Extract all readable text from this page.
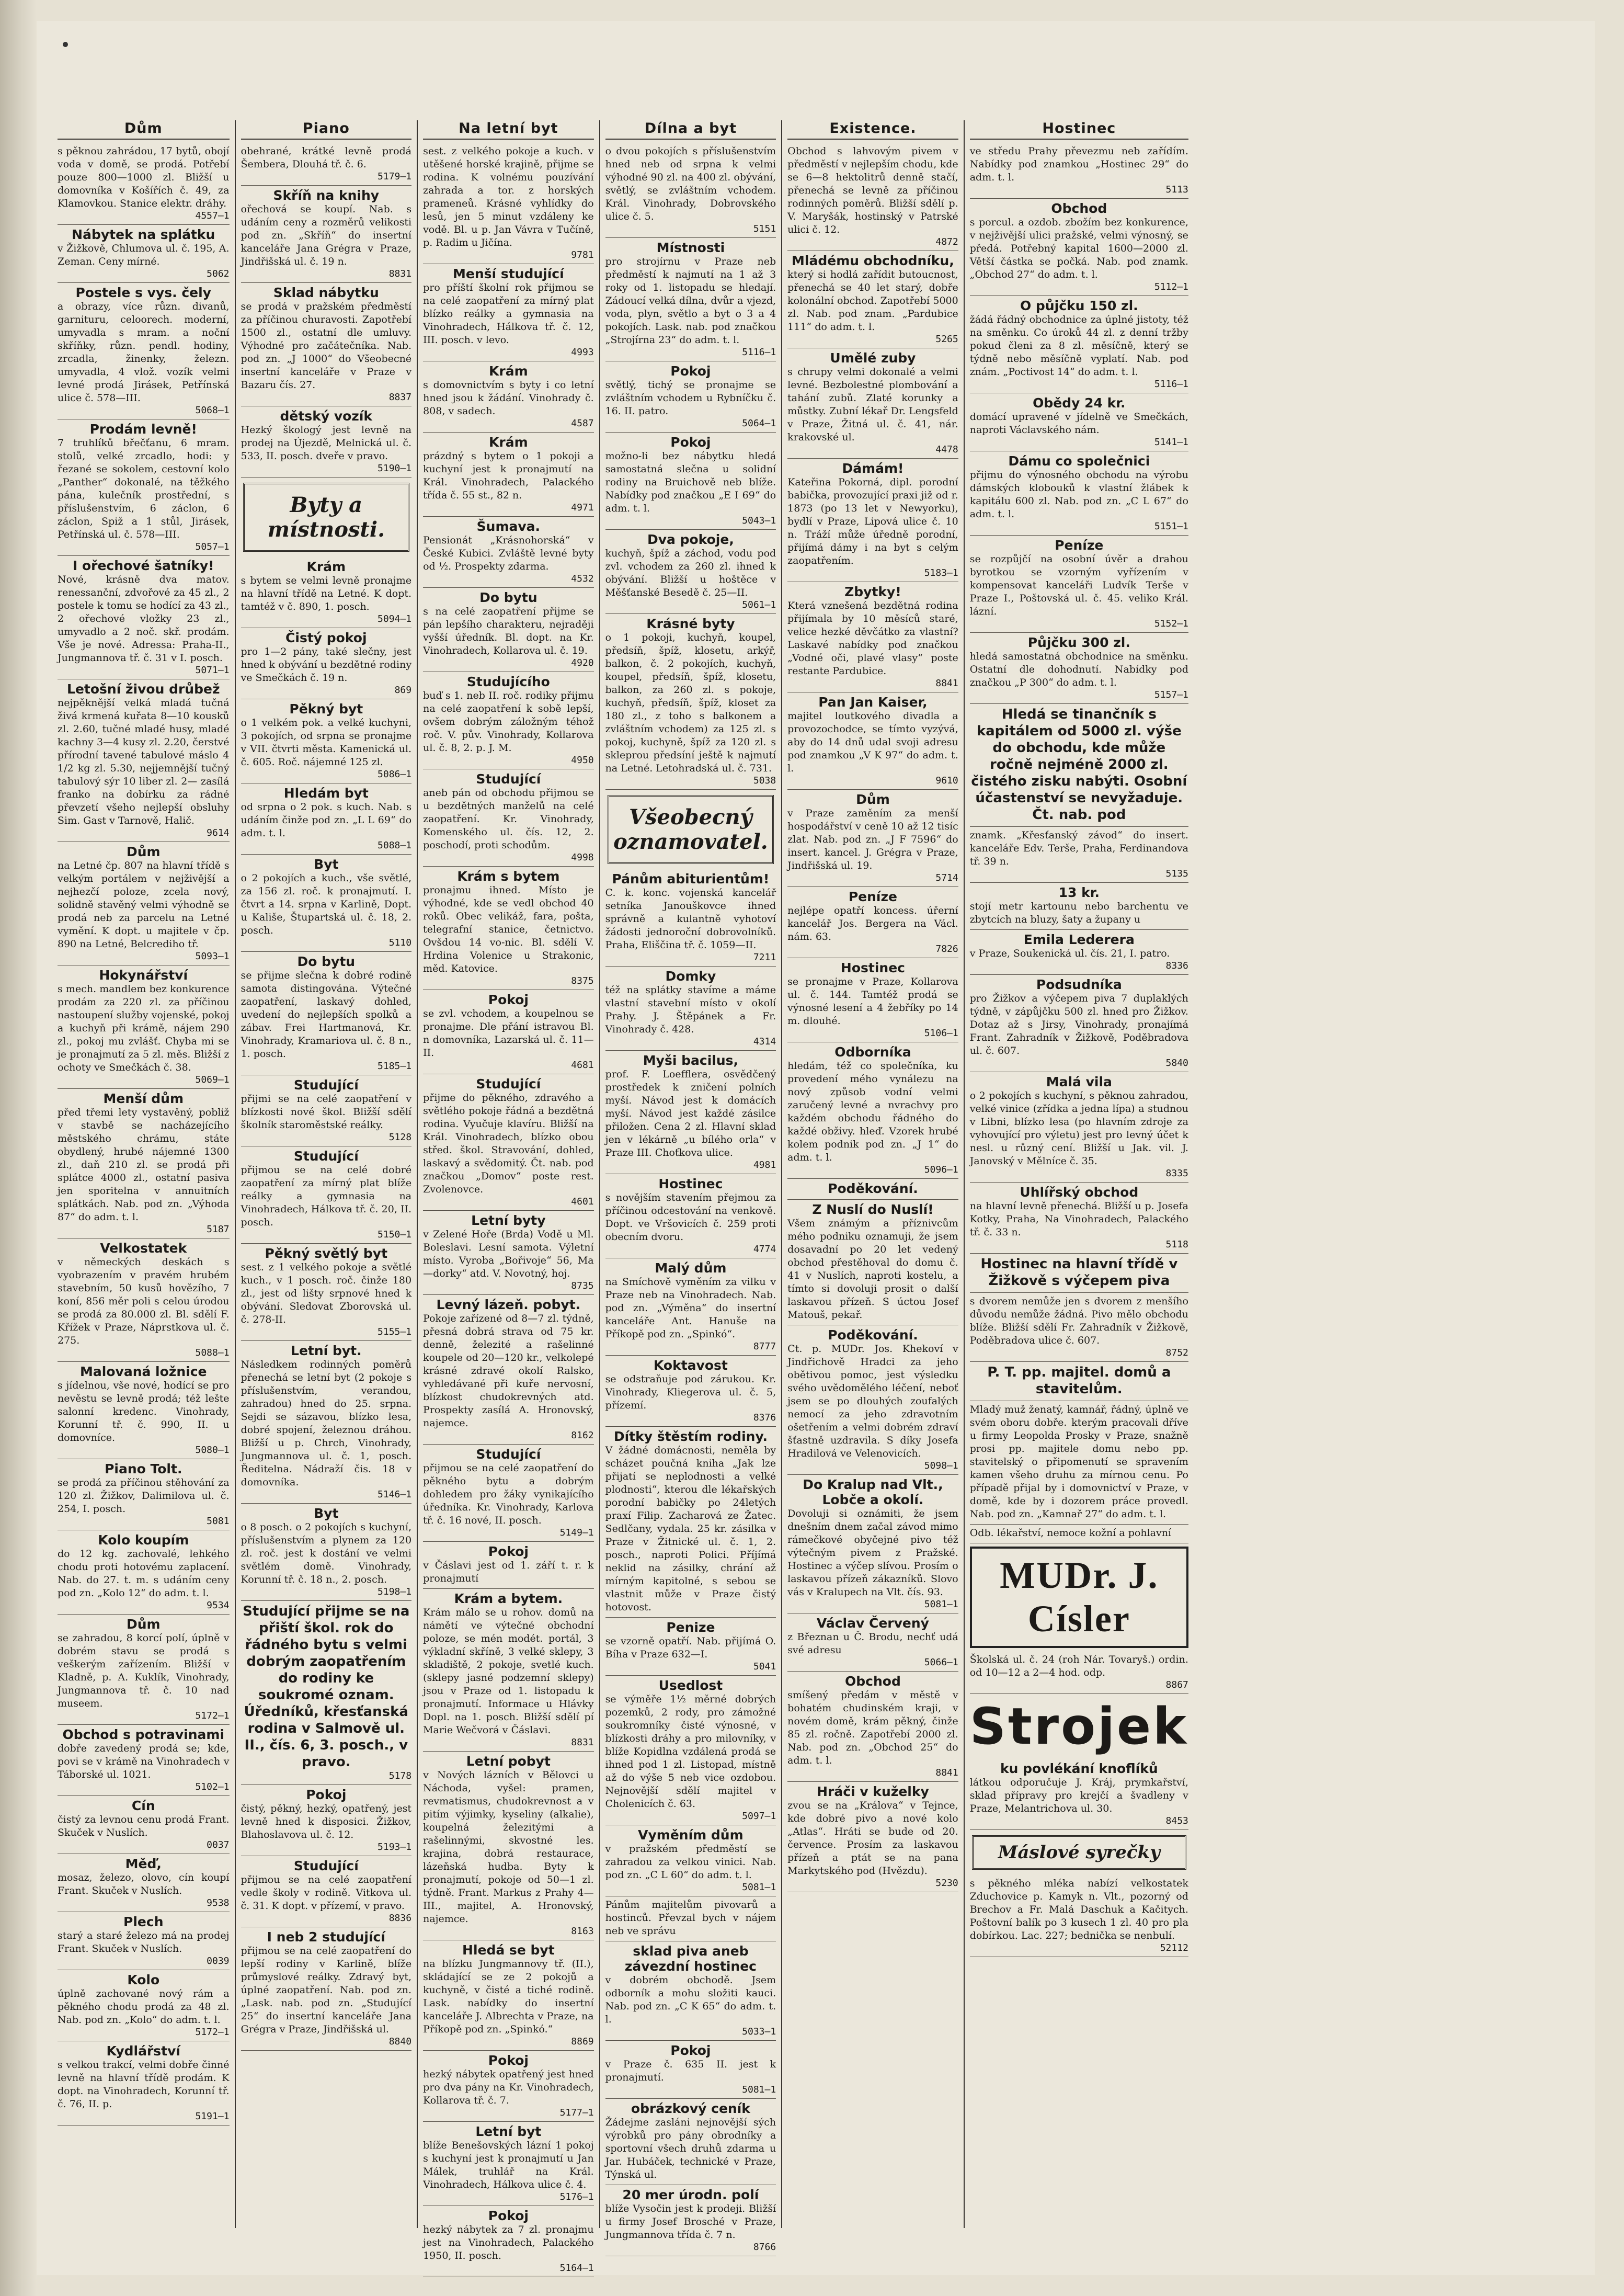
Dům
s pěknou zahrádou, 17 bytů, obojí voda v domě, se prodá. Potřebí pouze 800—1000 zl. Bližší u domovníka v Košířích č. 49, za Klamovkou. Stanice elektr. dráhy.
4557—1
Nábytek na splátku
v Žižkově, Chlumova ul. č. 195, A. Zeman. Ceny mírné.
5062
Postele s vys. čely
a obrazy, více různ. divanů, garnituru, celoorech. moderní, umyvadla s mram. a noční skříňky, různ. pendl. hodiny, zrcadla, žinenky, železn. umyvadla, 4 vlož. vozík velmi levné prodá Jirásek, Petřínská ulice č. 578—III.
5068—1
Prodám levně!
7 truhlíků břečťanu, 6 mram. stolů, velké zrcadlo, hodi: y řezané se sokolem, cestovní kolo „Panther“ dokonalé, na těžkého pána, kulečník prostřední, s příslušenstvím, 6 záclon, 6 záclon, Spiž a 1 stůl, Jirásek, Petřínská ul. č. 578—III.
5057—1
I ořechové šatníky!
Nové, krásně dva matov. renessanční, zdvořové za 45 zl., 2 postele k tomu se hodící za 43 zl., 2 ořechové vložky 23 zl., umyvadlo a 2 noč. skř. prodám. Vše je nové. Adressa: Praha-II., Jungmannova tř. č. 31 v I. posch.
5071—1
Letošní živou drůbež
nejpěknější velká mladá tučná živá krmená kuřata 8—10 kousků zl. 2.60, tučné mladé husy, mladé kachny 3—4 kusy zl. 2.20, čerstvé přírodní tavené tabulové máslo 4 1/2 kg zl. 5.30, nejjemnější tučný tabulový sýr 10 liber zl. 2— zasílá franko na dobírku za rádné převzetí všeho nejlepší obsluhy Sim. Gast v Tarnově, Halič.
9614
Dům
na Letné čp. 807 na hlavní třídě s velkým portálem v nejživější a nejhezčí poloze, zcela nový, solidně stavěný velmi výhodně se prodá neb za parcelu na Letné vymění. K dopt. u majitele v čp. 890 na Letné, Belcrediho tř.
5093—1
Hokynářství
s mech. mandlem bez konkurence prodám za 220 zl. za příčinou nastoupení služby vojenské, pokoj a kuchyň při krámě, nájem 290 zl., pokoj mu zvlášť. Chyba mi se je pronajmutí za 5 zl. měs. Bližší z ochoty ve Smečkách č. 38.
5069—1
Menší dům
před třemi lety vystavěný, pobliž v stavbě se nacházejícího městského chrámu, státe obydlený, hrubé nájemné 1300 zl., daň 210 zl. se prodá při splátce 4000 zl., ostatní pasiva jen sporitelna v annuitních splátkách. Nab. pod zn. „Výhoda 87“ do adm. t. l.
5187
Velkostatek
v německých deskách s vyobrazením v pravém hrubém stavebním, 50 kusů hovězího, 7 koní, 856 měr poli s celou úrodou se prodá za 80.000 zl. Bl. sdělí F. Křížek v Praze, Náprstkova ul. č. 275.
5088—1
Malovaná ložnice
s jídelnou, vše nové, hodící se pro nevěstu se levně prodá; též lešte salonní kredenc. Vinohrady, Korunní tř. č. 990, II. u domovníce.
5080—1
Piano Tolt.
se prodá za příčinou stěhování za 120 zl. Žižkov, Dalimilova ul. č. 254, I. posch.
5081
Kolo koupím
do 12 kg. zachovalé, lehkého chodu proti hotovému zaplacení. Nab. do 27. t. m. s udáním ceny pod zn. „Kolo 12“ do adm. t. l.
9534
Dům
se zahradou, 8 korcí polí, úplně v dobrém stavu se prodá s veškerým zařízením. Bližší v Kladně, p. A. Kuklík, Vinohrady, Jungmannova tř. č. 10 nad museem.
5172—1
Obchod s potravinami
dobře zavedený prodá se; kde, povi se v krámě na Vinohradech v Táborské ul. 1021.
5102—1
Cín
čistý za levnou cenu prodá Frant. Skuček v Nuslích.
0037
Měď,
mosaz, železo, olovo, cín koupí Frant. Skuček v Nuslích.
9538
Plech
starý a staré železo má na prodej Frant. Skuček v Nuslích.
0039
Kolo
úplně zachované nový rám a pěkného chodu prodá za 48 zl. Nab. pod zn. „Kolo“ do adm. t. l.
5172—1
Kydlářství
s velkou trakcí, velmi dobře činné levně na hlavní třídě prodám. K dopt. na Vinohradech, Korunní tř. č. 76, II. p.
5191—1
Piano
obehrané, krátké levně prodá Šembera, Dlouhá tř. č. 6.
5179—1
Skříň na knihy
ořechová se koupí. Nab. s udáním ceny a rozměrů velikosti pod zn. „Skříň“ do insertní kanceláře Jana Grégra v Praze, Jindřišská ul. č. 19 n.
8831
Sklad nábytku
se prodá v pražském předměstí za příčinou churavosti. Zapotřebí 1500 zl., ostatní dle umluvy. Výhodné pro začátečníka. Nab. pod zn. „J 1000“ do Všeobecné insertní kanceláře v Praze v Bazaru čís. 27.
8837
dětský vozík
Hezký škologý jest levně na prodej na Újezdě, Melnická ul. č. 533, II. posch. dveře v pravo.
5190—1
Byty a místnosti.
Krám
s bytem se velmi levně pronajme na hlavní třídě na Letné. K dopt. tamtéž v č. 890, 1. posch.
5094—1
Čistý pokoj
pro 1—2 pány, také slečny, jest hned k obývání u bezdětné rodiny ve Smečkách č. 19 n.
869
Pěkný byt
o 1 velkém pok. a velké kuchyni, 3 pokojích, od srpna se pronajme v VII. čtvrti města. Kamenická ul. č. 605. Roč. nájemné 125 zl.
5086—1
Hledám byt
od srpna o 2 pok. s kuch. Nab. s udáním činže pod zn. „L L 69“ do adm. t. l.
5088—1
Byt
o 2 pokojích a kuch., vše světlé, za 156 zl. roč. k pronajmutí. I. čtvrt a 14. srpna v Karlině, Dopt. u Kališe, Štupartská ul. č. 18, 2. posch.
5110
Do bytu
se přijme slečna k dobré rodině samota distingována. Výtečné zaopatření, laskavý dohled, uvedení do nejlepších spolků a zábav. Frei Hartmanová, Kr. Vinohrady, Kramariova ul. č. 8 n., 1. posch.
5185—1
Studující
přijmi se na celé zaopatření v blízkosti nové škol. Bližší sdělí školník staroměstské reálky.
5128
Studující
přijmou se na celé dobré zaopatření za mírný plat blíže reálky a gymnasia na Vinohradech, Hálkova tř. č. 20, II. posch.
5150—1
Pěkný světlý byt
sest. z 1 velkého pokoje a světlé kuch., v 1 posch. roč. činže 180 zl., jest od lišty srpnové hned k obývání. Sledovat Zborovská ul. č. 278-II.
5155—1
Letní byt.
Následkem rodinných poměrů přenechá se letní byt (2 pokoje s příslušenstvím, verandou, zahradou) hned do 25. srpna. Sejdi se sázavou, blízko lesa, dobré spojení, železnou dráhou. Bližší u p. Chrch, Vinohrady, Jungmannova ul. č. 1, posch. Ředitelna. Nádraží čis. 18 v domovníka.
5146—1
Byt
o 8 posch. o 2 pokojích s kuchyní, příslušenstvím a plynem za 120 zl. roč. jest k dostání ve velmi světlém domě. Vinohrady, Korunní tř. č. 18 n., 2. posch.
5198—1
Studující přijme se na přiští škol. rok do řádného bytu s velmi dobrým zaopatřením do rodiny ke soukromé oznam. Úředníků, křesťanská rodina v Salmově ul. II., čís. 6, 3. posch., v pravo.
5178
Pokoj
čistý, pěkný, hezký, opatřený, jest levně hned k disposici. Žižkov, Blahoslavova ul. č. 12.
5193—1
Studující
přijmou se na celé zaopatření vedle školy v rodině. Vitkova ul. č. 31. K dopt. v přízemí, v pravo.
8836
I neb 2 studující
přijmou se na celé zaopatření do lepší rodiny v Karlině, blíže průmyslové reálky. Zdravý byt, úplné zaopatření. Nab. pod zn. „Lask. nab. pod zn. „Studující 25“ do insertní kanceláře Jana Grégra v Praze, Jindřišská ul.
8840
Na letní byt
sest. z velkého pokoje a kuch. v utěšené horské krajině, přijme se rodina. K volnému pouzívání zahrada a tor. z horských prameneů. Krásné vyhlídky do lesů, jen 5 minut vzdáleny ke vodě. Bl. u p. Jan Vávra v Tučíně, p. Radim u Jičína.
9781
Menší studující
pro příští školní rok přijmou se na celé zaopatření za mírný plat blízko reálky a gymnasia na Vinohradech, Hálkova tř. č. 12, III. posch. v levo.
4993
Krám
s domovnictvím s byty i co letní hned jsou k žádání. Vinohrady č. 808, v sadech.
4587
Krám
prázdný s bytem o 1 pokoji a kuchyní jest k pronajmutí na Král. Vinohradech, Palackého třída č. 55 st., 82 n.
4971
Šumava.
Pensionát „Krásnohorská“ v České Kubici. Zvláště levné byty od ½. Prospekty zdarma.
4532
Do bytu
s na celé zaopatření přijme se pán lepšího charakteru, nejraději vyšší úředník. Bl. dopt. na Kr. Vinohradech, Kollarova ul. č. 19.
4920
Studujícího
buď s 1. neb II. roč. rodiky přijmu na celé zaopatření k sobě lepší, ovšem dobrým záložným téhož roč. V. pův. Vinohrady, Kollarova ul. č. 8, 2. p. J. M.
4950
Studující
aneb pán od obchodu přijmou se u bezdětných manželů na celé zaopatření. Kr. Vinohrady, Komenského ul. čís. 12, 2. poschodí, proti schodům.
4998
Krám s bytem
pronajmu ihned. Místo je výhodné, kde se vedl obchod 40 roků. Obec velikáž, fara, pošta, telegrafní stanice, četnictvo. Ovšdou 14 vo-nic. Bl. sdělí V. Hrdina Volenice u Strakonic, měd. Katovice.
8375
Pokoj
se zvl. vchodem, a koupelnou se pronajme. Dle přání istravou Bl. n domovníka, Lazarská ul. č. 11—II.
4681
Studující
přijme do pěkného, zdravého a světlého pokoje řádná a bezdětná rodina. Vyučuje klavíru. Bližší na Král. Vinohradech, blízko obou střed. škol. Stravování, dohled, laskavý a svědomitý. Čt. nab. pod značkou „Domov“ poste rest. Zvolenovce.
4601
Letní byty
v Zelené Hoře (Brda) Vodě u Ml. Boleslavi. Lesní samota. Výletní místo. Vyroba „Bořivoje“ 56, Ma—dorky“ atd. V. Novotný, hoj.
8735
Levný lázeň. pobyt.
Pokoje zařízené od 8—7 zl. týdně, přesná dobrá strava od 75 kr. denně, železité a rašelinné koupele od 20—120 kr., velkolepé krásné zdravé okolí Ralsko, vyhledávané při kuře nervosní, blízkost chudokrevných atd. Prospekty zasílá A. Hronovský, najemce.
8162
Studující
přijmou se na celé zaopatření do pěkného bytu a dobrým dohledem pro žáky vynikajícího úředníka. Kr. Vinohrady, Karlova tř. č. 16 nové, II. posch.
5149—1
Pokoj
v Čáslavi jest od 1. září t. r. k pronajmutí
Krám a bytem.
Krám málo se u rohov. domů na námětí ve výtečné obchodní poloze, se mén modét. portál, 3 výkladní skříně, 3 velké sklepy, 3 skladiště, 2 pokoje, svetlé kuch. (sklepy jasné podzemní sklepy) jsou v Praze od 1. listopadu k pronajmutí. Informace u Hlávky Dopl. na 1. posch. Bližší sdělí pí Marie Wečvorá v Čáslavi.
8831
Letní pobyt
v Nových lázních v Bělovci u Náchoda, vyšel: pramen, revmatismus, chudokrevnost a v pitím výjimky, kyseliny (alkalie), koupelná železitými a rašelinnými, skvostné les. krajina, dobrá restaurace, lázeňská hudba. Byty k pronajmutí, pokoje od 50—1 zl. týdně. Frant. Markus z Prahy 4—III., majitel, A. Hronovský, najemce.
8163
Hledá se byt
na blízku Jungmannovy tř. (II.), skládající se ze 2 pokojů a kuchyně, v čisté a tiché rodině. Lask. nabídky do insertní kanceláře J. Albrechta v Praze, na Příkopě pod zn. „Spinkó.“
8869
Pokoj
hezký nábytek opatřený jest hned pro dva pány na Kr. Vinohradech, Kollarova tř. č. 7.
5177—1
Letní byt
blíže Benešovských lázní 1 pokoj s kuchyní jest k pronajmutí u Jan Málek, truhlář na Král. Vinohradech, Hálkova ulice č. 4.
5176—1
Pokoj
hezký nábytek za 7 zl. pronajmu jest na Vinohradech, Palackého 1950, II. posch.
5164—1
Dílna a byt
o dvou pokojích s příslušenstvím hned neb od srpna k velmi výhodné 90 zl. na 400 zl. obývání, světlý, se zvláštním vchodem. Král. Vinohrady, Dobrovského ulice č. 5.
5151
Místnosti
pro strojírnu v Praze neb předměstí k najmutí na 1 až 3 roky od 1. listopadu se hledají. Zádoucí velká dílna, dvůr a vjezd, voda, plyn, světlo a byt o 3 a 4 pokojích. Lask. nab. pod značkou „Strojírna 23“ do adm. t. l.
5116—1
Pokoj
světlý, tichý se pronajme se zvláštním vchodem u Rybníčku č. 16. II. patro.
5064—1
Pokoj
možno-li bez nábytku hledá samostatná slečna u solidní rodiny na Bruichově neb blíže. Nabídky pod značkou „E I 69“ do adm. t. l.
5043—1
Dva pokoje,
kuchyň, špíž a záchod, vodu pod zvl. vchodem za 260 zl. ihned k obývání. Bližší u hoštěce v Měšťanské Besedě č. 25—II.
5061—1
Krásné byty
o 1 pokoji, kuchyň, koupel, předsíň, špíž, klosetu, arkýř, balkon, č. 2 pokojích, kuchyň, koupel, předsíň, špíž, klosetu, balkon, za 260 zl. s pokoje, kuchyň, předsíň, špíž, kloset za 180 zl., z toho s balkonem a zvláštním vchodem) za 125 zl. s pokoj, kuchyně, špíž za 120 zl. s skleprou předsíní ještě k najmutí na Letné. Letohradská ul. č. 731.
5038
Všeobecný oznamovatel.
Pánům abiturientům!
C. k. konc. vojenská kancelář setníka Janouškovce ihned správně a kulantně vyhotoví žádosti jednoroční dobrovolníků. Praha, Eliščina tř. č. 1059—II.
7211
Domky
též na splátky stavíme a máme vlastní stavební místo v okolí Prahy. J. Štěpánek a Fr. Vinohrady č. 428.
4314
Myši bacilus,
prof. F. Loefflera, osvědčený prostředek k zničení polních myší. Návod jest k domácích myší. Návod jest každé zásilce přiložen. Cena 2 zl. Hlavní sklad jen v lékárně „u bílého orla“ v Praze III. Choťkova ulice.
4981
Hostinec
s novějším stavením přejmou za příčinou odcestování na venkově. Dopt. ve Vršovicích č. 259 proti obecním dvoru.
4774
Malý dům
na Smíchově vyměním za vilku v Praze neb na Vinohradech. Nab. pod zn. „Výměna“ do insertní kanceláře Ant. Hanuše na Příkopě pod zn. „Spinkó“.
8777
Koktavost
se odstraňuje pod zárukou. Kr. Vinohrady, Kliegerova ul. č. 5, přízemí.
8376
Dítky štěstím rodiny.
V žádné domácnosti, neměla by scházet poučná kniha „Jak lze přijatí se neplodnosti a velké plodnosti“, kterou dle lékařských porodní babičky po 24letých praxí Filip. Zacharová ze Žatec. Sedlčany, vydala. 25 kr. zásilka v Praze v Žitnické ul. č. 1, 2. posch., naproti Polici. Příjímá neklid na zásilky, chrání až mírným kapitolné, s sebou se vlastnit může v Praze čistý hotovost.
Penize
se vzorně opatří. Nab. přijímá O. Bíha v Praze 632—I.
5041
Usedlost
se výměře 1½ měrné dobrých pozemků, 2 rody, pro zámožné soukromníky čisté výnosné, v blízkosti dráhy a pro milovníky, v blíže Kopidlna vzdálená prodá se ihned pod 1 zl. Listopad, místně až do výše 5 neb vice ozdobou. Nejnovější sdělí majitel v Cholenicích č. 63.
5097—1
Vyměním dům
v pražském předměstí se zahradou za velkou vinici. Nab. pod zn. „C L 60“ do adm. t. l.
5081—1
Pánům majitelům pivovarů a hostinců. Převzal bych v nájem neb ve správu
sklad piva aneb závezdní hostinec
v dobrém obchodě. Jsem odborník a mohu složiti kauci. Nab. pod zn. „C K 65“ do adm. t. l.
5033—1
Pokoj
v Praze č. 635 II. jest k pronajmutí.
5081—1
obrázkový ceník
Žádejme zasláni nejnovější sých výrobků pro pány obrodníky a sportovní všech druhů zdarma u Jar. Hubáček, technické v Praze, Týnská ul.
20 mer úrodn. polí
blíže Vysočin jest k prodeji. Bližší u firmy Josef Brosché v Praze, Jungmannova třída č. 7 n.
8766
Existence.
Obchod s lahvovým pivem v předměstí v nejlepším chodu, kde se 6—8 hektolitrů denně stačí, přenechá se levně za příčinou rodinných poměrů. Bližší sdělí p. V. Maryšák, hostinský v Patrské ulici č. 12.
4872
Mládému obchodníku,
který si hodlá zařídit butoucnost, přenechá se 40 let starý, dobře kolonální obchod. Zapotřebí 5000 zl. Nab. pod znam. „Pardubice 111“ do adm. t. l.
5265
Umělé zuby
s chrupy velmi dokonalé a velmi levné. Bezbolestné plombování a tahání zubů. Zlaté korunky a můstky. Zubní lékař Dr. Lengsfeld v Praze, Žitná ul. č. 41, nár. krakovské ul.
4478
Dámám!
Kateřina Pokorná, dipl. porodní babička, provozující praxi již od r. 1873 (po 13 let v Newyorku), bydlí v Praze, Lipová ulice č. 10 n. Tráží může úředně porodní, přijímá dámy i na byt s celým zaopatřením.
5183—1
Zbytky!
Která vznešená bezdětná rodina přijímala by 10 měsíců staré, velice hezké děvčátko za vlastní? Laskavé nabídky pod značkou „Vodné oči, plavé vlasy“ poste restante Pardubice.
8841
Pan Jan Kaiser,
majitel loutkového divadla a provozochodce, se tímto vyzývá, aby do 14 dnů udal svoji adresu pod znamkou „V K 97“ do adm. t. l.
9610
Dům
v Praze zaměním za menší hospodářství v ceně 10 až 12 tisíc zlat. Nab. pod zn. „J F 7596“ do insert. kancel. J. Grégra v Praze, Jindřišská ul. 19.
5714
Peníze
nejlépe opatří koncess. úřerní kancelář Jos. Bergera na Václ. nám. 63.
7826
Hostinec
se pronajme v Praze, Kollarova ul. č. 144. Tamtéž prodá se výnosné lesení a 4 žebříky po 14 m. dlouhé.
5106—1
Odborníka
hledám, též co společníka, ku provedení mého vynálezu na nový způsob vodní velmi zaručený levné a nvrachvy pro každém obchodu řádného do každé obživy. hleď. Vzorek hrubé kolem podnik pod zn. „J 1“ do adm. t. l.
5096—1
Poděkování.
Z Nuslí do Nuslí!
Všem známým a příznivcům mého podniku oznamuji, že jsem dosavadní po 20 let vedený obchod přestěhoval do domu č. 41 v Nuslích, naproti kostelu, a tímto si dovoluji prosit o další laskavou přízeň. S úctou Josef Matouš, pekař.
Poděkování.
Ct. p. MUDr. Jos. Khekoví v Jindřichově Hradci za jeho obětivou pomoc, jest výsledku svého uvědomělého léčení, neboť jsem se po dlouhých zoufalých nemocí za jeho zdravotním ošetřením a velmi dobrém zdraví šťastně uzdravila. S díky Josefa Hradilová ve Velenovicích.
5098—1
Do Kralup nad Vlt., Lobče a okolí.
Dovoluji si oznámiti, že jsem dnešním dnem začal závod mimo rámečkové obyčejné pivo též výtečným pivem z Pražské. Hostinec a výčep slívou. Prosím o laskavou přízeň zákazníků. Slovo vás v Kralupech na Vlt. čís. 93.
5081—1
Václav Červený
z Březnan u Č. Brodu, nechť udá své adresu
5066—1
Obchod
smíšený předám v městě v bohatém chudinském kraji, v novém domě, krám pěkný, činže 85 zl. ročně. Zapotřebí 2000 zl. Nab. pod zn. „Obchod 25“ do adm. t. l.
8841
Hráči v kuželky
zvou se na „Králova“ v Tejnce, kde dobré pivo a nové kolo „Atlas“. Hráti se bude od 20. července. Prosím za laskavou přízeň a ptát se na pana Markytského pod (Hvězdu).
5230
Hostinec
ve středu Prahy převezmu neb zařídím. Nabídky pod znamkou „Hostinec 29“ do adm. t. l.
5113
Obchod
s porcul. a ozdob. zbožím bez konkurence, v nejživější ulici pražské, velmi výnosný, se předá. Potřebný kapital 1600—2000 zl. Větší částka se počká. Nab. pod znamk. „Obchod 27“ do adm. t. l.
5112—1
O půjčku 150 zl.
žádá řádný obchodnice za úplné jistoty, též na směnku. Co úroků 44 zl. z denní tržby pokud členi za 8 zl. měsíčně, který se týdně nebo měsíčně vyplatí. Nab. pod znám. „Poctivost 14“ do adm. t. l.
5116—1
Obědy 24 kr.
domácí upravené v jídelně ve Smečkách, naproti Václavského nám.
5141—1
Dámu co společnici
přijmu do výnosného obchodu na výrobu dámských klobouků k vlastní žlábek k kapitálu 600 zl. Nab. pod zn. „C L 67“ do adm. t. l.
5151—1
Peníze
se rozpůjčí na osobní úvěr a drahou byrotkou se vzorným vyřízením v kompensovat kanceláři Ludvík Terše v Praze I., Poštovská ul. č. 45. veliko Král. lázní.
5152—1
Půjčku 300 zl.
hledá samostatná obchodnice na směnku. Ostatní dle dohodnutí. Nabídky pod značkou „P 300“ do adm. t. l.
5157—1
Hledá se tinančník s kapitálem od 5000 zl. výše do obchodu, kde může ročně nejméně 2000 zl. čistého zisku nabýti. Osobní účastenství se nevyžaduje. Čt. nab. pod
znamk. „Křesťanský závod“ do insert. kanceláře Edv. Terše, Praha, Ferdinandova tř. 39 n.
5135
13 kr.
stojí metr kartounu nebo barchentu ve zbytcích na bluzy, šaty a župany u
Emila Lederera
v Praze, Soukenická ul. čís. 21, I. patro.
8336
Podsudníka
pro Žižkov a výčepem piva 7 duplaklých týdně, v zápůjčku 500 zl. hned pro Žižkov. Dotaz až s Jirsy, Vinohrady, pronajímá Frant. Zahradník v Žižkově, Poděbradova ul. č. 607.
5840
Malá vila
o 2 pokojích s kuchyní, s pěknou zahradou, velké vinice (zřídka a jedna lípa) a studnou v Libni, blízko lesa (po hlavním zdroje za vyhovující pro výletu) jest pro levný účet k nesl. u různý cení. Bližší u Jak. vil. J. Janovský v Mělníce č. 35.
8335
Uhlířský obchod
na hlavní levně přenechá. Bližší u p. Josefa Kotky, Praha, Na Vinohradech, Palackého tř. č. 33 n.
5118
Hostinec na hlavní třídě v Žižkově s výčepem piva
s dvorem nemůže jen s dvorem z menšího důvodu nemůže žádná. Pivo mělo obchodu blíže. Bližší sdělí Fr. Zahradník v Žižkově, Poděbradova ulice č. 607.
8752
P. T. pp. majitel. domů a stavitelům.
Mladý muž ženatý, kamnář, řádný, úplně ve svém oboru dobře. kterým pracovali dříve u firmy Leopolda Prosky v Praze, snažně prosi pp. majitele domu nebo pp. stavitelský o připomenutí se spravením kamen všeho druhu za mírnou cenu. Po případě přijal by i domovnictví v Praze, v domě, kde by i dozorem práce provedl. Nab. pod zn. „Kamnař 27“ do adm. t. l.
Odb. lékařství, nemoce kožní a pohlavní
MUDr. J. Císler
Školská ul. č. 24 (roh Nár. Tovaryš.) ordin. od 10—12 a 2—4 hod. odp.
8867
Strojek
ku povlékání knoflíků
látkou odporučuje J. Kráj, prymkařství, sklad přípravy pro krejčí a švadleny v Praze, Melantrichova ul. 30.
8453
Máslové syrečky
s pěkného mléka nabízí velkostatek Zduchovice p. Kamyk n. Vlt., pozorný od Brechov a Fr. Malá Daschuk a Kačitych. Poštovní balík po 3 kusech 1 zl. 40 pro pla dobírkou. Lac. 227; bednička se nenbulí.
52112
